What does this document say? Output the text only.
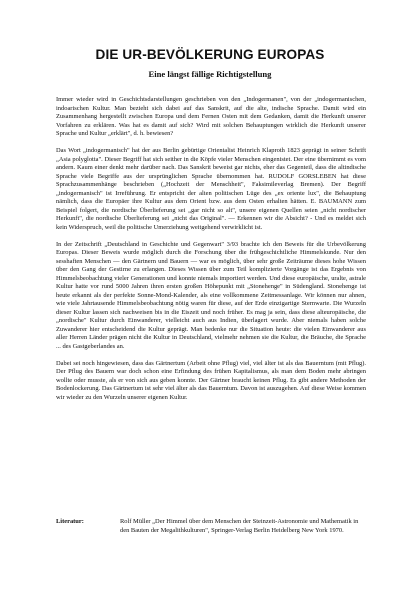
DIE UR-BEVÖLKERUNG EUROPAS
Eine längst fällige Richtigstellung

Immer wieder wird in Geschichtsdarstellungen geschrieben von den „Indogermanen", von der „indogermanischen, indoarischen Kultur. Man bezieht sich dabei auf das Sanskrit, auf die alte, indische Sprache. Damit wird ein Zusammenhang hergestellt zwischen Europa und dem Fernen Osten mit dem Gedanken, damit die Herkunft unserer Vorfahren zu erklären. Was hat es damit auf sich? Wird mit solchen Behauptungen wirklich die Herkunft unserer Sprache und Kultur „erklärt", d. h. bewiesen?

Das Wort „indogermanisch" hat der aus Berlin gebürtige Orientalist Heinrich Klaproth 1823 geprägt in seiner Schrift „Asia polyglotta". Dieser Begriff hat sich seither in die Köpfe vieler Menschen eingenistet. Der eine übernimmt es vom andern. Kaum einer denkt mehr darüber nach. Das Sanskrit beweist gar nichts, eher das Gegenteil, dass die altindische Sprache viele Begriffe aus der ursprünglichen Sprache übernommen hat. RUDOLF GORSLEBEN hat diese Sprachzusammenhänge beschrieben („Hochzeit der Menschheit", Faksimileverlag Bremen). Der Begriff „indogermanisch" ist Irreführung. Er entspricht der alten politischen Lüge des „ex oriente lux", die Behauptung nämlich, dass die Europäer ihre Kultur aus dem Orient bzw. aus dem Osten erhalten hätten. E. BAUMANN zum Beispiel folgert, die nordische Überlieferung sei „gar nicht so alt", unsere eigenen Quellen seien „nicht nordischer Herkunft", die nordische Überlieferung sei „nicht das Original". — Erkennen wir die Absicht? - Und es meldet sich kein Widerspruch, weil die politische Umerziehung weitgehend verwirklicht ist.

In der Zeitschrift „Deutschland in Geschichte und Gegenwart" 3/93 brachte ich den Beweis für die Urbevölkerung Europas. Dieser Beweis wurde möglich durch die Forschung über die frühgeschichtliche Himmelskunde. Nur den sesshaften Menschen — den Gärtnern und Bauern — war es möglich, über sehr große Zeiträume dieses hohe Wissen über den Gang der Gestirne zu erlangen. Dieses Wissen über zum Teil komplizierte Vorgänge ist das Ergebnis von Himmelsbeobachtung vieler Generationen und konnte niemals importiert werden. Und diese europäische, uralte, astrale Kultur hatte vor rund 5000 Jahren ihren ersten großen Höhepunkt mit „Stonehenge" in Südengland. Stonehenge ist heute erkannt als der perfekte Sonne-Mond-Kalender, als eine vollkommene Zeitmessanlage. Wir können nur ahnen, wie viele Jahrtausende Himmelsbeobachtung nötig waren für diese, auf der Erde einzigartige Sternwarte. Die Wurzeln dieser Kultur lassen sich nachweisen bis in die Eiszeit und noch früher. Es mag ja sein, dass diese alteuropäische, die „nordische" Kultur durch Einwanderer, vielleicht auch aus Indien, überlagert wurde. Aber niemals haben solche Zuwanderer hier entscheidend die Kultur geprägt. Man bedenke nur die Situation heute: die vielen Einwanderer aus aller Herren Länder prägen nicht die Kultur in Deutschland, vielmehr nehmen sie die Kultur, die Bräuche, die Sprache ... des Gastgeberlandes an.

Dabei sei noch hingewiesen, dass das Gärtnertum (Arbeit ohne Pflug) viel, viel älter ist als das Bauerntum (mit Pflug). Der Pflug des Bauern war doch schon eine Erfindung des frühen Kapitalismus, als man dem Boden mehr abringen wollte oder musste, als er von sich aus geben konnte. Der Gärtner braucht keinen Pflug. Es gibt andere Methoden der Bodenlockerung. Das Gärtnertum ist sehr viel älter als das Bauerntum. Davon ist auszugehen. Auf diese Weise kommen wir wieder zu den Wurzeln unserer eigenen Kultur.

Literatur:	Rolf Müller „Der Himmel über dem Menschen der Steinzeit-Astronomie und Mathematik in den Bauten der Megalithkulturen", Springer-Verlag Berlin Heidelberg New York 1970.
